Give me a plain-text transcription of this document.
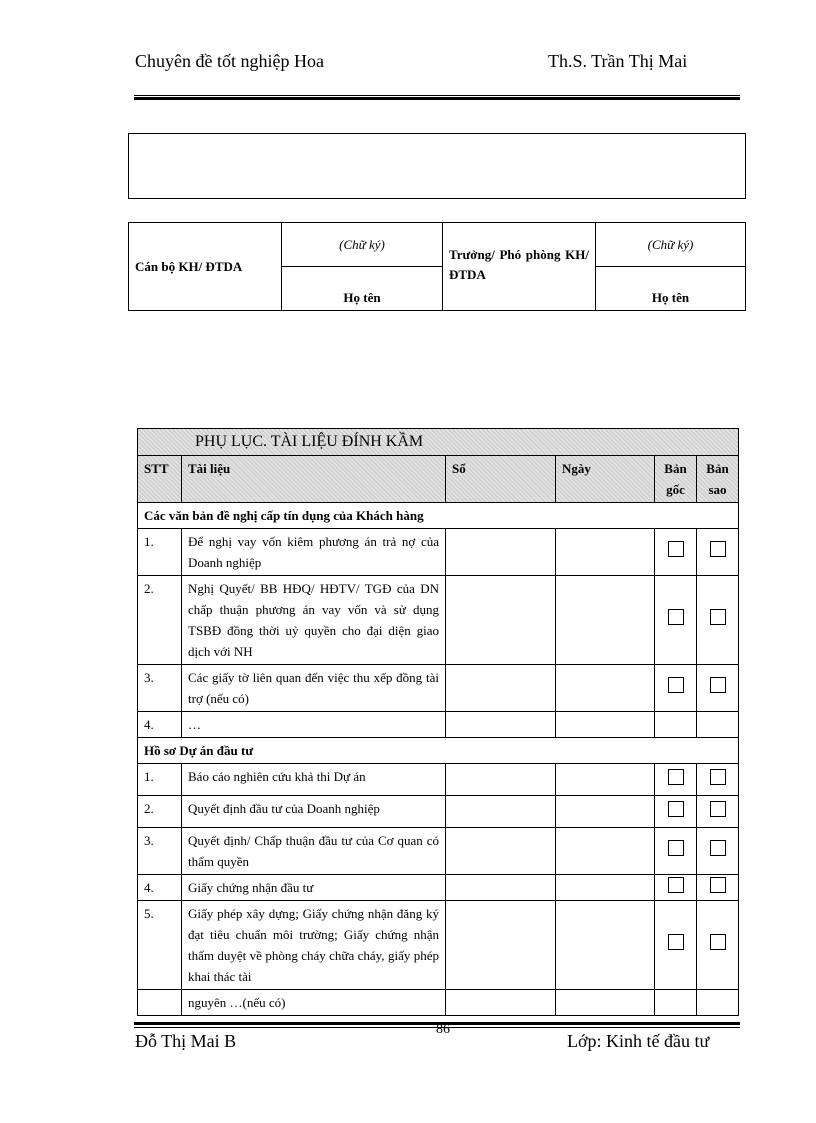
Chuyên đề tốt nghiệp Hoa	Th.S. Trần Thị Mai
Cán bộ KH/ ĐTDA	(Chữ ký)	Trưởng/ Phó phòng KH/ ĐTDA	(Chữ ký)
	Họ tên		Họ tên
PHỤ LỤC. TÀI LIỆU ĐÍNH KẦM					
STT	Tài liệu	Số	Ngày	Bản gốc	Bản sao
Các văn bản đề nghị cấp tín dụng của Khách hàng					
1.	Để nghị vay vốn kiêm phương án trả nợ của Doanh nghiệp				
2.	Nghị Quyết/ BB HĐQ/ HĐTV/ TGĐ của DN chấp thuận phương án vay vốn và sử dụng TSBĐ đồng thời uỷ quyền cho đại diện giao dịch với NH				
3.	Các giấy tờ liên quan đến việc thu xếp đồng tài trợ (nếu có)				
4.	…				
Hồ sơ Dự án đầu tư					
1.	Báo cáo nghiên cứu khả thi Dự án				
2.	Quyết định đầu tư của Doanh nghiệp				
3.	Quyết định/ Chấp thuận đầu tư của Cơ quan có thẩm quyền				
4.	Giấy chứng nhận đầu tư				
5.	Giấy phép xây dựng; Giấy chứng nhận đăng ký đạt tiêu chuẩn môi trường; Giấy chứng nhận thẩm duyệt về phòng cháy chữa cháy, giấy phép khai thác tài				
	nguyên …(nếu có)				
86
Đỗ Thị Mai B	Lớp: Kinh tế đầu tư
